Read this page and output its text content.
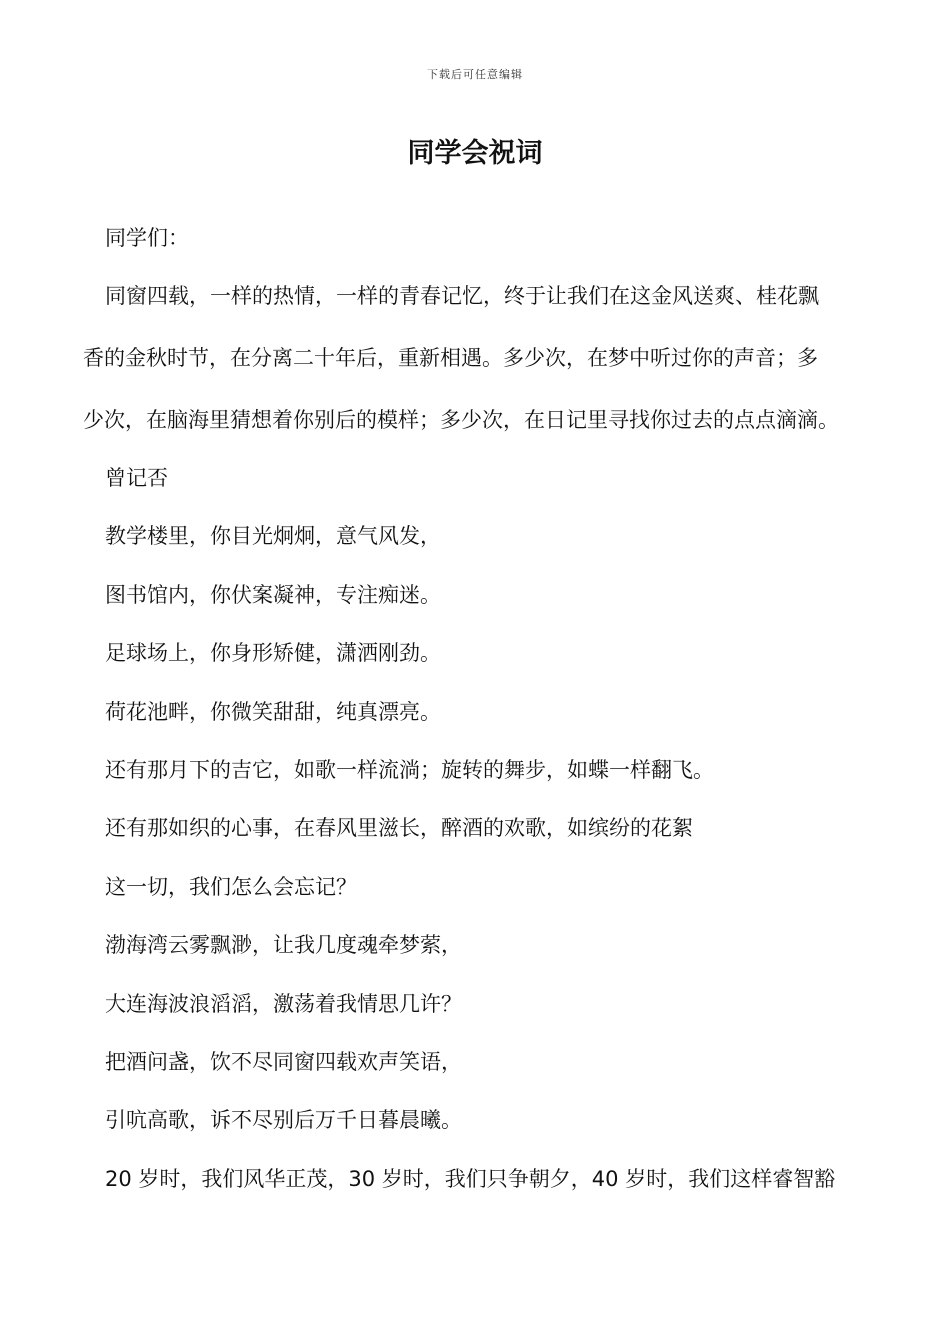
下载后可任意编辑
同学会祝词

同学们：

同窗四载，一样的热情，一样的青春记忆，终于让我们在这金风送爽、桂花飘

香的金秋时节，在分离二十年后，重新相遇。多少次，在梦中听过你的声音；多

少次，在脑海里猜想着你别后的模样；多少次，在日记里寻找你过去的点点滴滴。

曾记否

教学楼里，你目光炯炯，意气风发，

图书馆内，你伏案凝神，专注痴迷。

足球场上，你身形矫健，潇洒刚劲。

荷花池畔，你微笑甜甜，纯真漂亮。

还有那月下的吉它，如歌一样流淌；旋转的舞步，如蝶一样翻飞。

还有那如织的心事，在春风里滋长，醉酒的欢歌，如缤纷的花絮

这一切，我们怎么会忘记？

渤海湾云雾飘渺，让我几度魂牵梦萦，

大连海波浪滔滔，激荡着我情思几许？

把酒问盏，饮不尽同窗四载欢声笑语，

引吭高歌，诉不尽别后万千日暮晨曦。

20 岁时，我们风华正茂，30 岁时，我们只争朝夕，40 岁时，我们这样睿智豁
